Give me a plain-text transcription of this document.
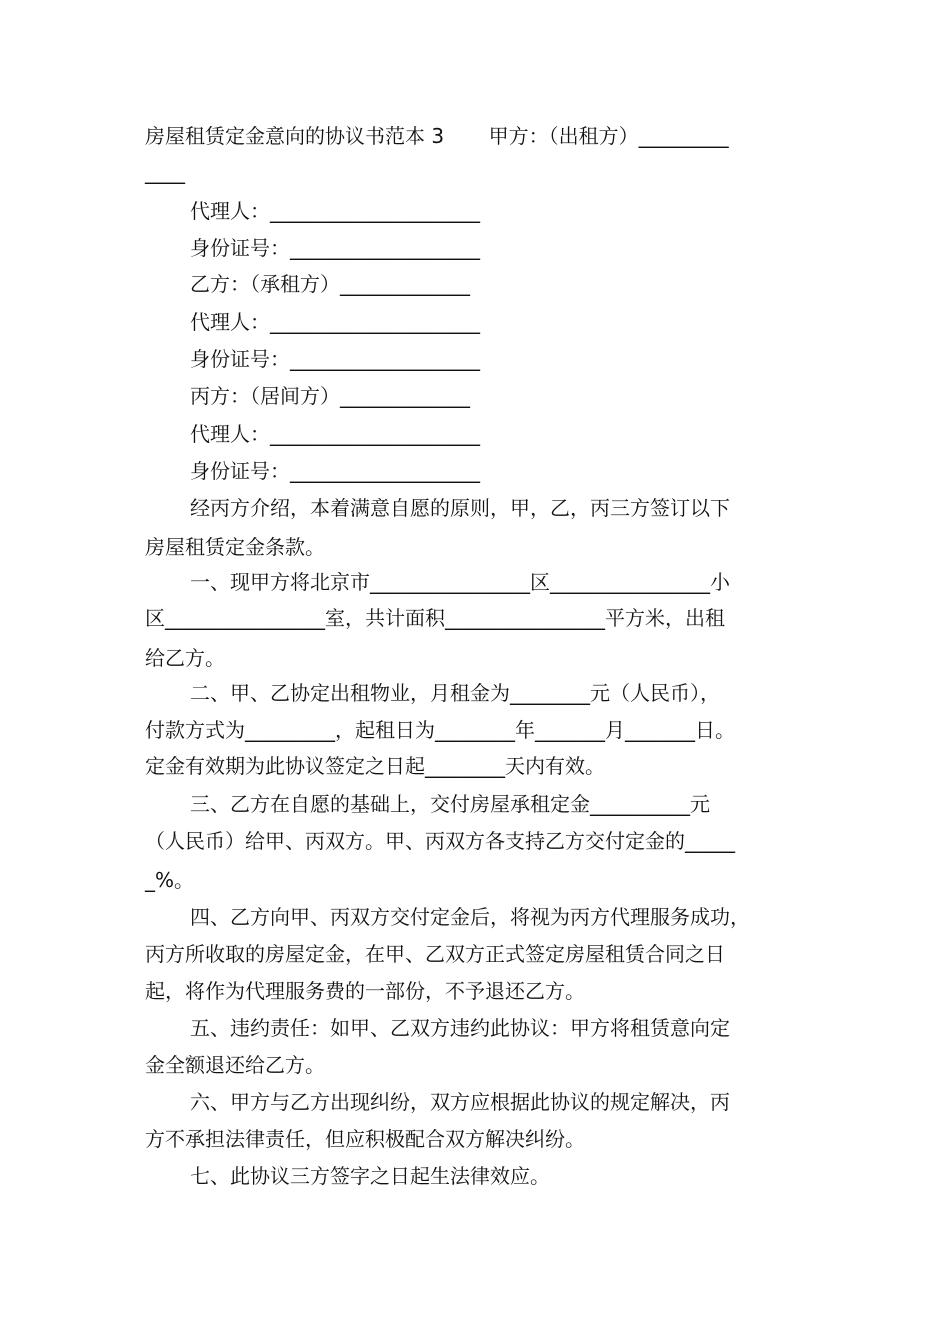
房屋租赁定金意向的协议书范本 3       甲方：（出租方）_________
____
代理人：_____________________
身份证号：___________________
乙方：（承租方）_____________
代理人：_____________________
身份证号：___________________
丙方：（居间方）_____________
代理人：_____________________
身份证号：___________________
经丙方介绍，本着满意自愿的原则，甲，乙，丙三方签订以下
房屋租赁定金条款。
一、现甲方将北京市________________区________________小
区________________室，共计面积________________平方米，出租
给乙方。
二、甲、乙协定出租物业，月租金为________元（人民币），
付款方式为_________，起租日为________年_______月_______日。
定金有效期为此协议签定之日起________天内有效。
三、乙方在自愿的基础上，交付房屋承租定金__________元
（人民币）给甲、丙双方。甲、丙双方各支持乙方交付定金的_____
_%。
四、乙方向甲、丙双方交付定金后，将视为丙方代理服务成功，
丙方所收取的房屋定金，在甲、乙双方正式签定房屋租赁合同之日
起，将作为代理服务费的一部份，不予退还乙方。
五、违约责任：如甲、乙双方违约此协议：甲方将租赁意向定
金全额退还给乙方。
六、甲方与乙方出现纠纷，双方应根据此协议的规定解决，丙
方不承担法律责任，但应积极配合双方解决纠纷。
七、此协议三方签字之日起生法律效应。
